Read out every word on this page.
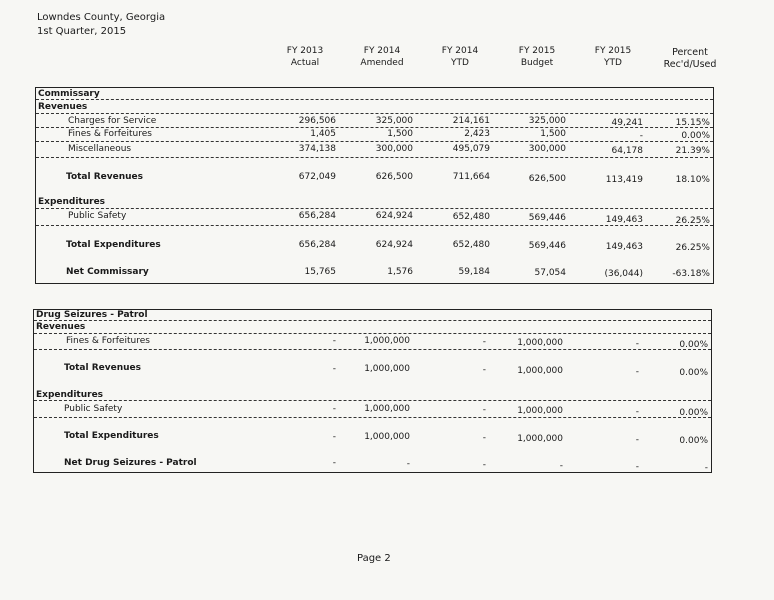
Lowndes County, Georgia
1st Quarter, 2015
FY 2013
Actual
FY 2014
Amended
FY 2014
YTD
FY 2015
Budget
FY 2015
YTD
Percent
Rec'd/Used
Commissary
Revenues
Charges for Service	296,506	325,000	214,161	325,000	49,241	15.15%
Fines & Forfeitures	1,405	1,500	2,423	1,500	-	0.00%
Miscellaneous	374,138	300,000	495,079	300,000	64,178	21.39%
Total Revenues	672,049	626,500	711,664	626,500	113,419	18.10%
Expenditures
Public Safety	656,284	624,924	652,480	569,446	149,463	26.25%
Total Expenditures	656,284	624,924	652,480	569,446	149,463	26.25%
Net Commissary	15,765	1,576	59,184	57,054	(36,044)	-63.18%
Drug Seizures - Patrol
Revenues
Fines & Forfeitures	-	1,000,000	-	1,000,000	-	0.00%
Total Revenues	-	1,000,000	-	1,000,000	-	0.00%
Expenditures
Public Safety	-	1,000,000	-	1,000,000	-	0.00%
Total Expenditures	-	1,000,000	-	1,000,000	-	0.00%
Net Drug Seizures - Patrol	-	-	-	-	-	-
Page 2
